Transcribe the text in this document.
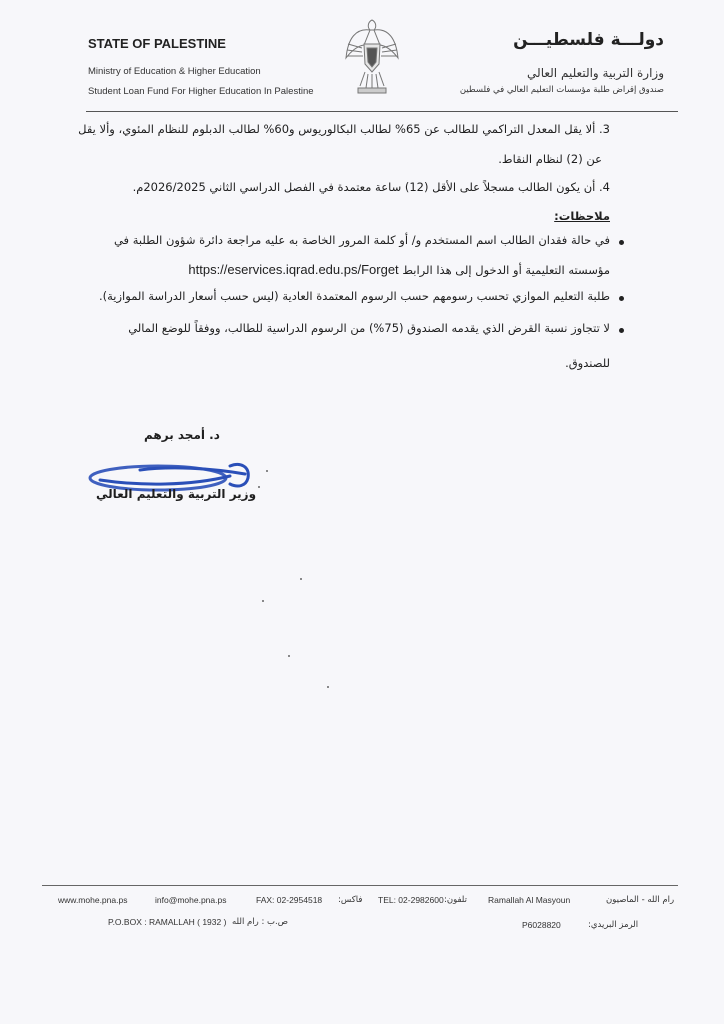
STATE OF PALESTINE
Ministry of Education & Higher Education
Student Loan Fund For Higher Education In Palestine
دولـــة فلسطيـــن
وزارة التربية والتعليم العالي
صندوق إقراض طلبة مؤسسات التعليم العالي في فلسطين
3. ألا يقل المعدل التراكمي للطالب عن 65% لطالب البكالوريوس و60% لطالب الدبلوم للنظام المئوي، وألا يقل
عن (2) لنظام النقاط.
4. أن يكون الطالب مسجلاً على الأقل (12) ساعة معتمدة في الفصل الدراسي الثاني 2026/2025م.
ملاحظات:
في حالة فقدان الطالب اسم المستخدم و/ أو كلمة المرور الخاصة به عليه مراجعة دائرة شؤون الطلبة في
مؤسسته التعليمية أو الدخول إلى هذا الرابط https://eservices.iqrad.edu.ps/Forget
طلبة التعليم الموازي تحسب رسومهم حسب الرسوم المعتمدة العادية (ليس حسب أسعار الدراسة الموازية).
لا تتجاوز نسبة القرض الذي يقدمه الصندوق (75%) من الرسوم الدراسية للطالب، ووفقاً للوضع المالي
للصندوق.
د. أمجد برهم
وزير التربية والتعليم العالي
www.mohe.pna.ps	info@mohe.pna.ps	FAX: 02-2954518 فاكس: TEL: 02-2982600 تلفون: Ramallah Al Masyoun	رام الله - الماصيون
P.O.BOX : RAMALLAH ( 1932 ) ص.ب : رام الله	P6028820	الرمز البريدي:
